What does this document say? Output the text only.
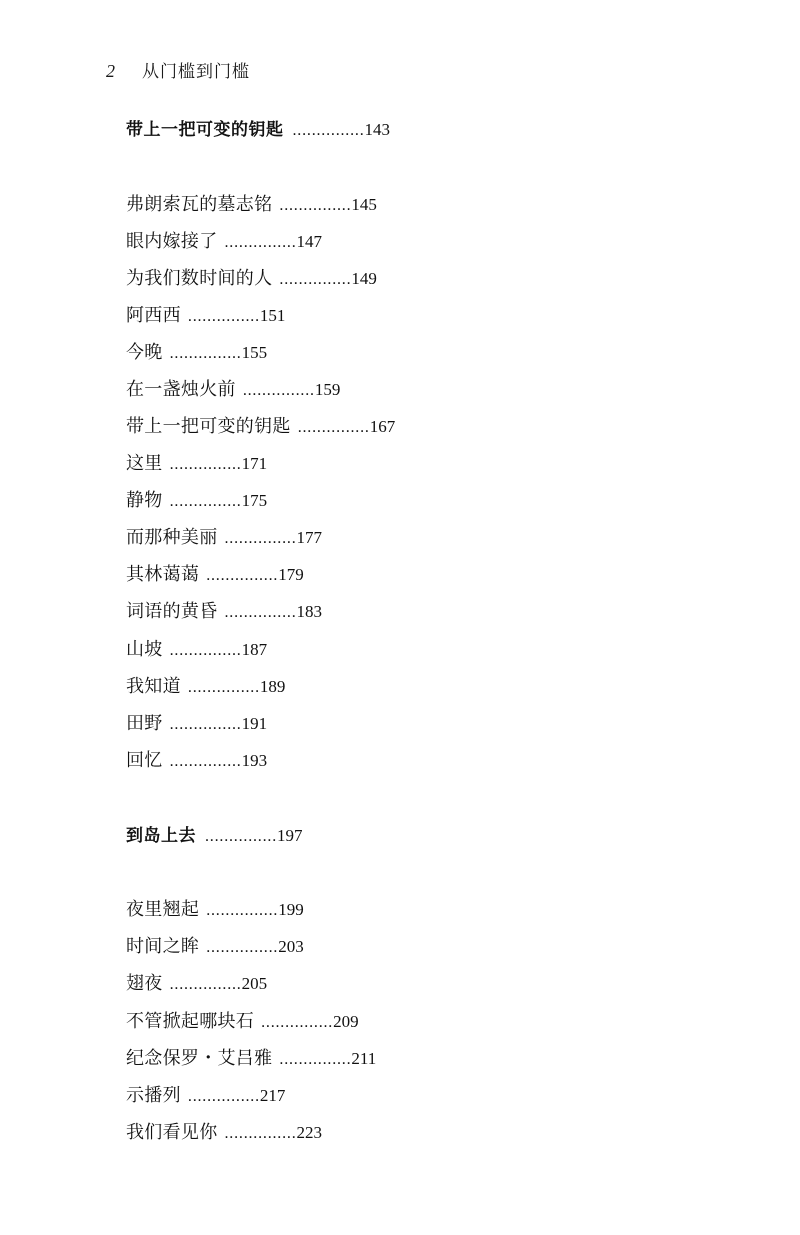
2	从门槛到门槛
带上一把可变的钥匙 ............... 143
弗朗索瓦的墓志铭 ............... 145
眼内嫁接了 ............... 147
为我们数时间的人 ............... 149
阿西西 ............... 151
今晚 ............... 155
在一盏烛火前 ............... 159
带上一把可变的钥匙 ............... 167
这里 ............... 171
静物 ............... 175
而那种美丽 ............... 177
其林蔼蔼 ............... 179
词语的黄昏 ............... 183
山坡 ............... 187
我知道 ............... 189
田野 ............... 191
回忆 ............... 193
到岛上去 ............... 197
夜里翘起 ............... 199
时间之眸 ............... 203
翅夜 ............... 205
不管掀起哪块石 ............... 209
纪念保罗・艾吕雅 ............... 211
示播列 ............... 217
我们看见你 ............... 223
